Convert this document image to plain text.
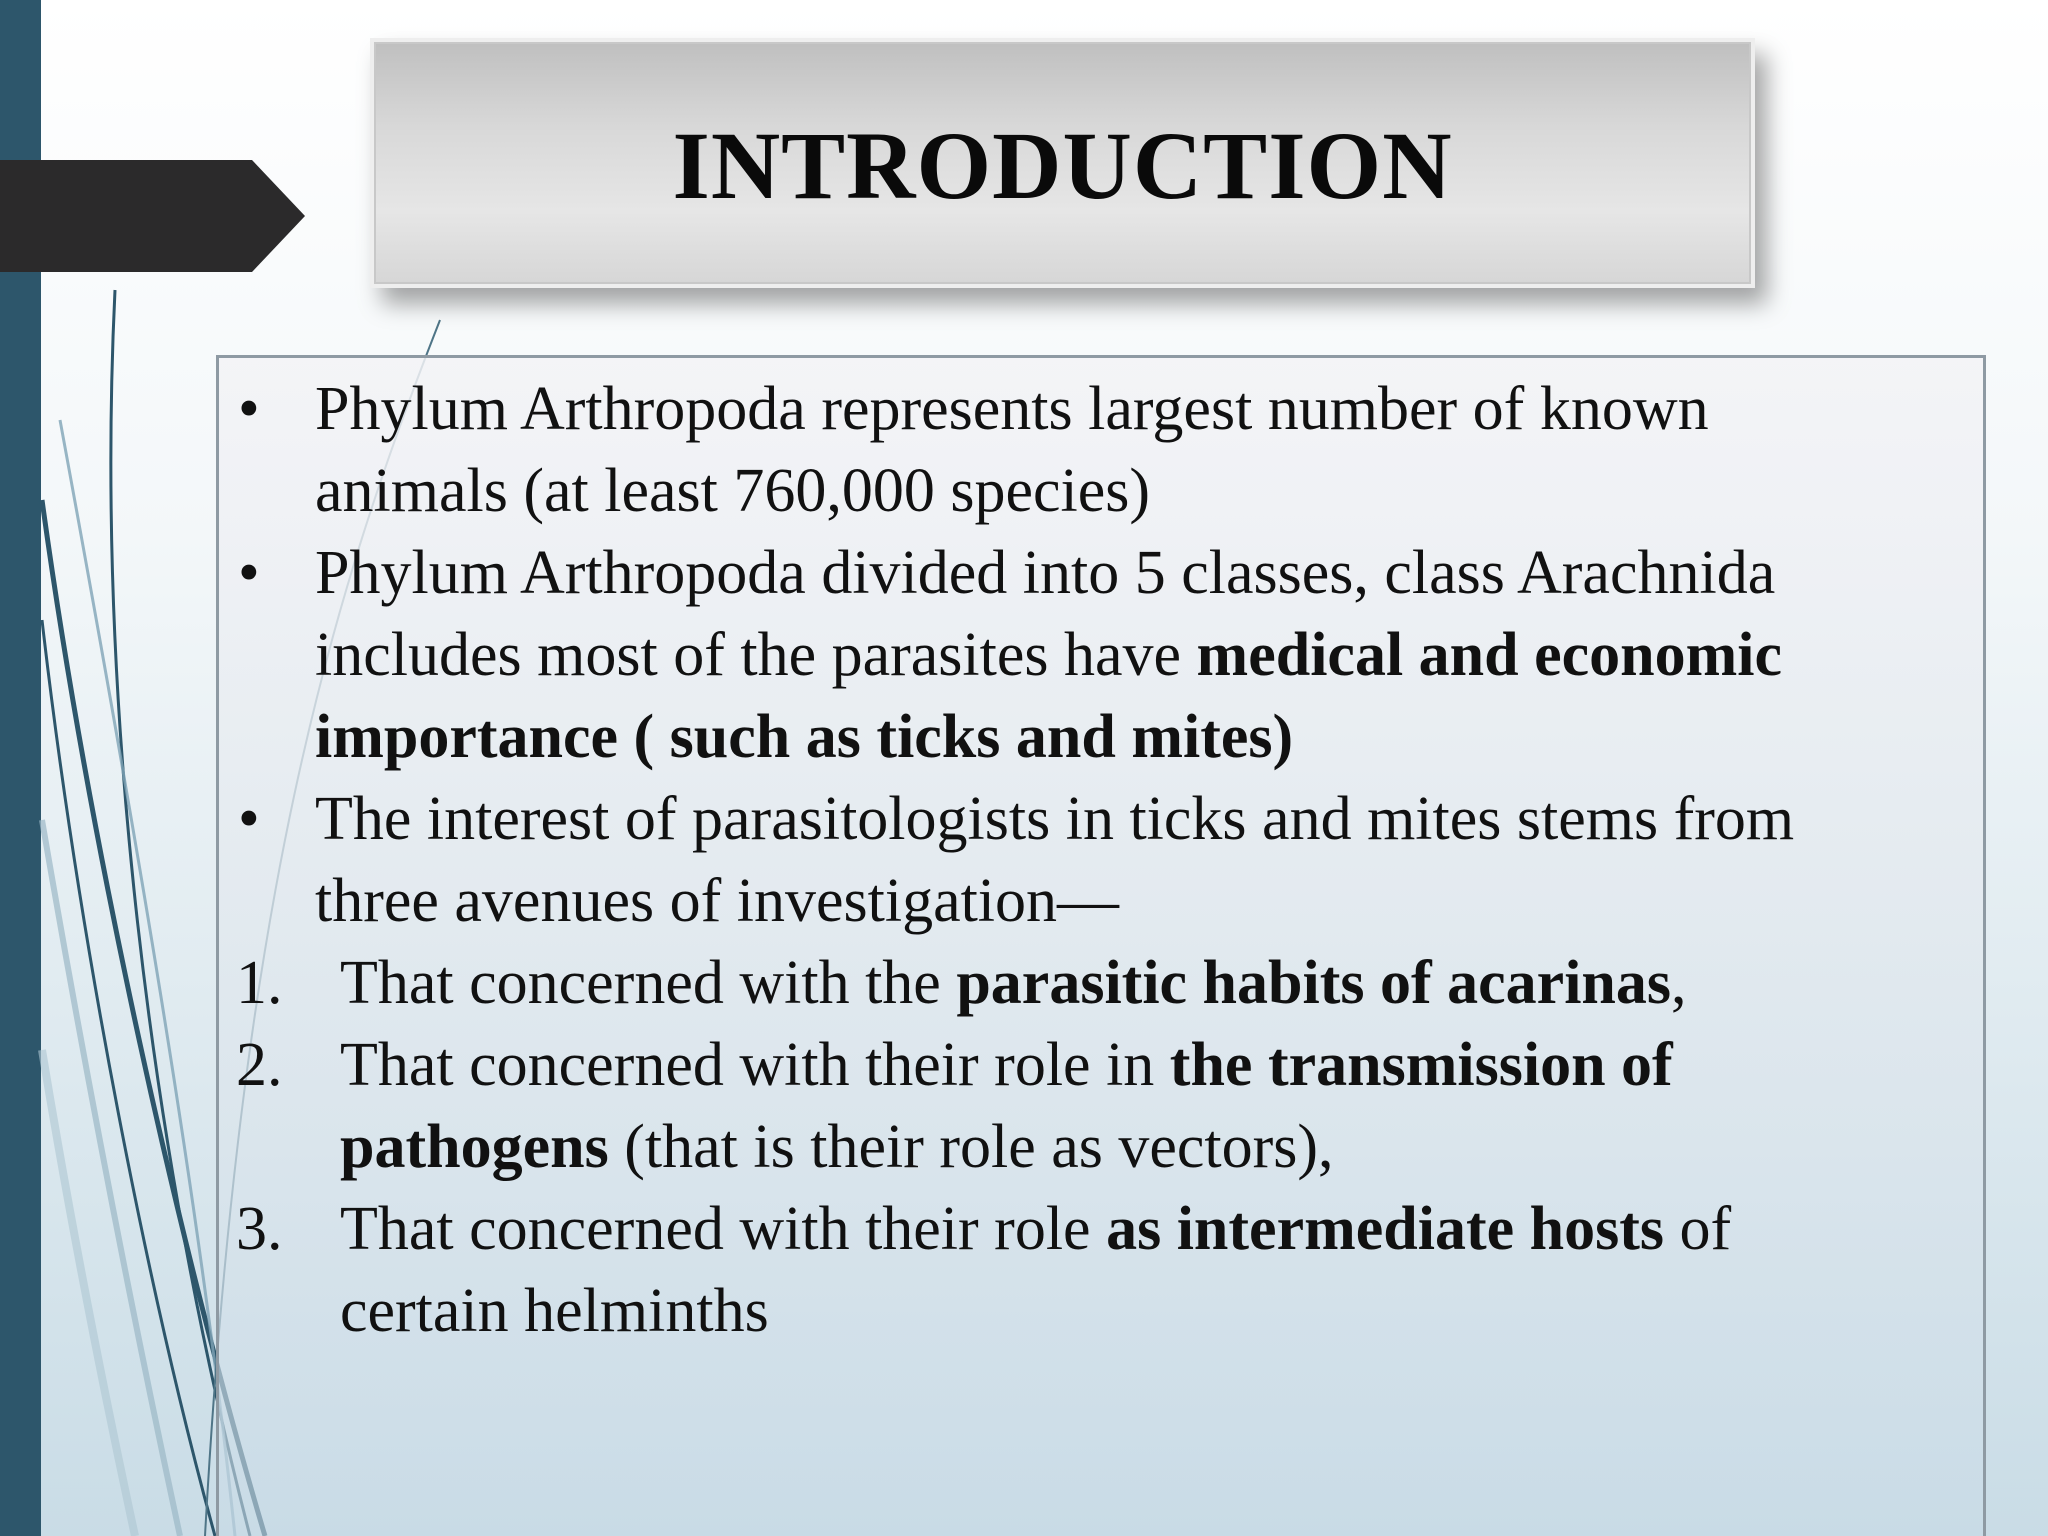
INTRODUCTION
• Phylum Arthropoda represents largest number of known
animals (at least 760,000 species)
• Phylum Arthropoda divided into 5 classes, class Arachnida
includes most of the parasites have medical and economic
importance ( such as ticks and mites)
• The interest of parasitologists in ticks and mites stems from
three avenues of investigation—
1. That concerned with the parasitic habits of acarinas,
2. That concerned with their role in the transmission of
pathogens (that is their role as vectors),
3. That concerned with their role as intermediate hosts of
certain helminths
